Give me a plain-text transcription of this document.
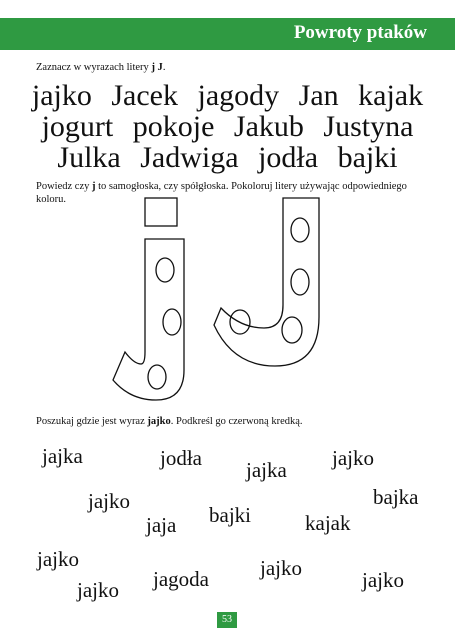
Powroty ptaków
Zaznacz w wyrazach litery j J.
jajko Jacek jagody Jan kajak
jogurt pokoje Jakub Justyna
Julka Jadwiga jodła bajki
Powiedz czy j to samogłoska, czy spółgłoska. Pokoloruj litery używając odpowiedniego koloru.
Poszukaj gdzie jest wyraz jajko. Podkreśl go czerwoną kredką.
jajka	jodła jajka jajko
bajka
jajko
bajki	kajak
jaja
jajko
jajko jagoda jajko	jajko
53
